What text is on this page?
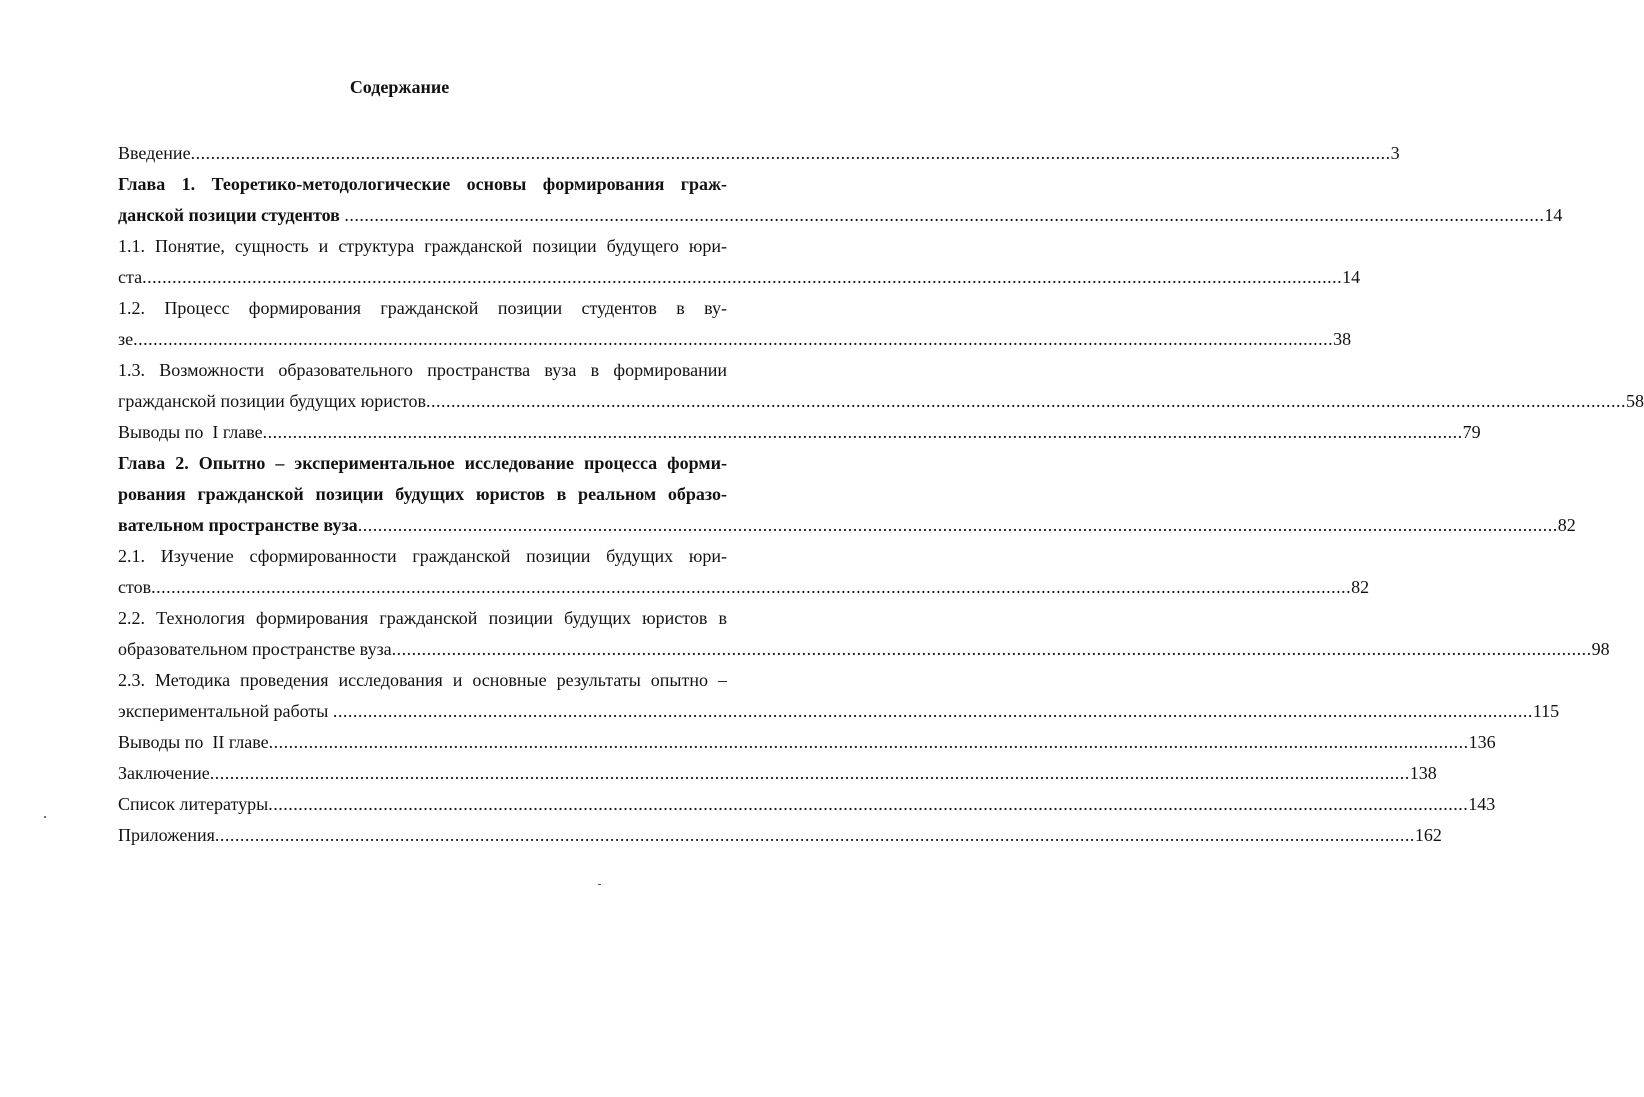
Содержание
Введение ................................................................................................................................................................................................................................................ 3
Глава 1. Теоретико-методологические основы формирования граж-
данской позиции студентов ................................................................................................................................................................................................................................................ 14
1.1. Понятие, сущность и структура гражданской позиции будущего юри-
ста ................................................................................................................................................................................................................................................ 14
1.2. Процесс формирования гражданской позиции студентов в ву-
зе ................................................................................................................................................................................................................................................ 38
1.3. Возможности образовательного пространства вуза в формировании
гражданской позиции будущих юристов ................................................................................................................................................................................................................................................ 58
Выводы по  I главе ................................................................................................................................................................................................................................................ 79
Глава 2. Опытно – экспериментальное исследование процесса форми-
рования гражданской позиции будущих юристов в реальном образо-
вательном пространстве вуза ................................................................................................................................................................................................................................................ 82
2.1. Изучение сформированности гражданской позиции будущих юри-
стов ................................................................................................................................................................................................................................................ 82
2.2. Технология формирования гражданской позиции будущих юристов в
образовательном пространстве вуза ................................................................................................................................................................................................................................................ 98
2.3. Методика проведения исследования и основные результаты опытно –
экспериментальной работы ................................................................................................................................................................................................................................................ 115
Выводы по  II главе ................................................................................................................................................................................................................................................ 136
Заключение ................................................................................................................................................................................................................................................ 138
Список литературы ................................................................................................................................................................................................................................................ 143
Приложения ................................................................................................................................................................................................................................................ 162
